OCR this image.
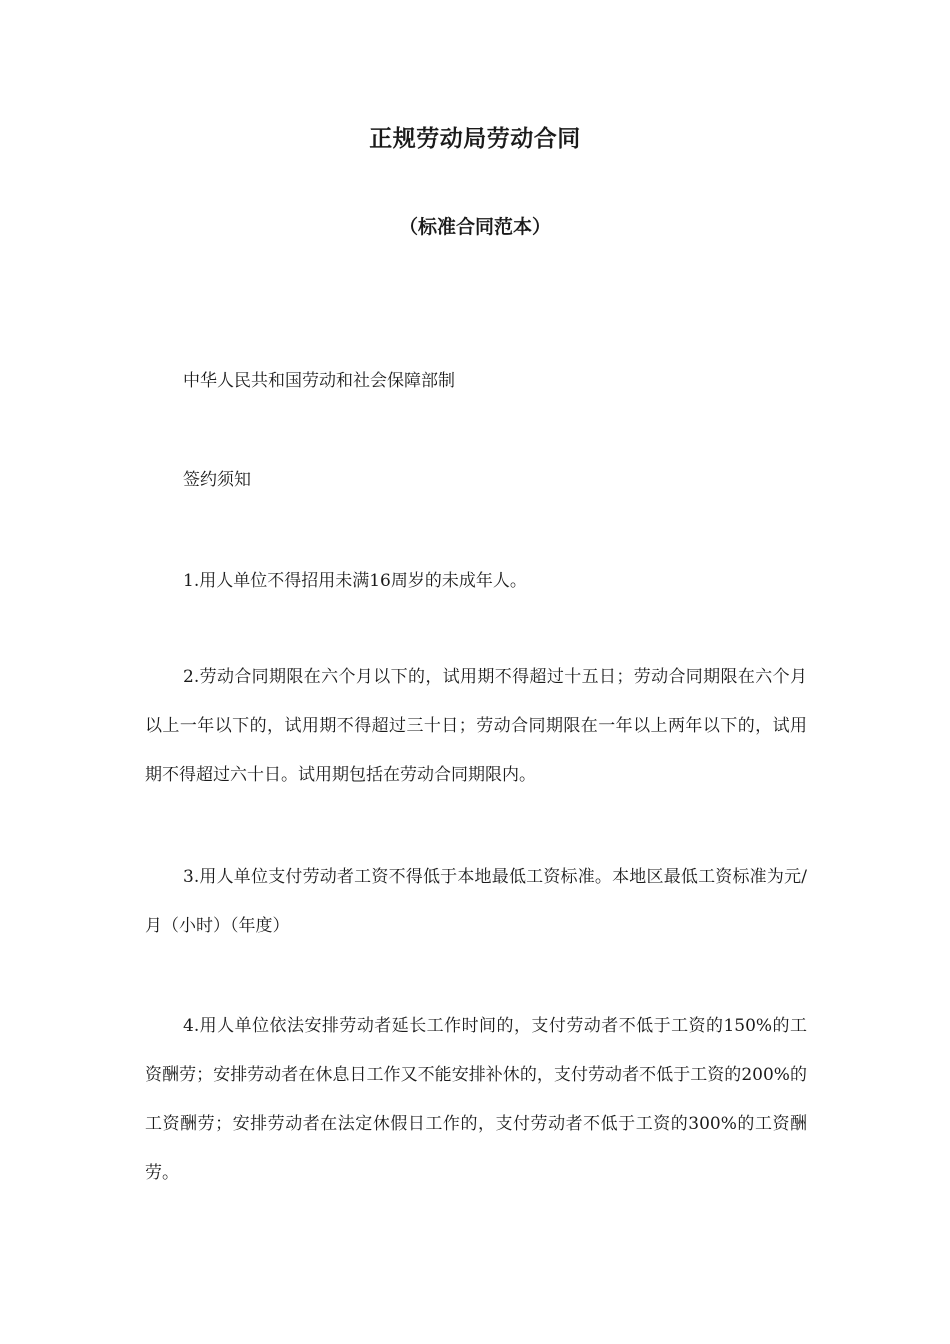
正规劳动局劳动合同
（标准合同范本）
中华人民共和国劳动和社会保障部制
签约须知
1.用人单位不得招用未满16周岁的未成年人。
2.劳动合同期限在六个月以下的，试用期不得超过十五日；劳动合同期限在六个月以上一年以下的，试用期不得超过三十日；劳动合同期限在一年以上两年以下的，试用期不得超过六十日。试用期包括在劳动合同期限内。
3.用人单位支付劳动者工资不得低于本地最低工资标准。本地区最低工资标准为元/月（小时）（年度）
4.用人单位依法安排劳动者延长工作时间的，支付劳动者不低于工资的150%的工资酬劳；安排劳动者在休息日工作又不能安排补休的，支付劳动者不低于工资的200%的工资酬劳；安排劳动者在法定休假日工作的，支付劳动者不低于工资的300%的工资酬劳。
